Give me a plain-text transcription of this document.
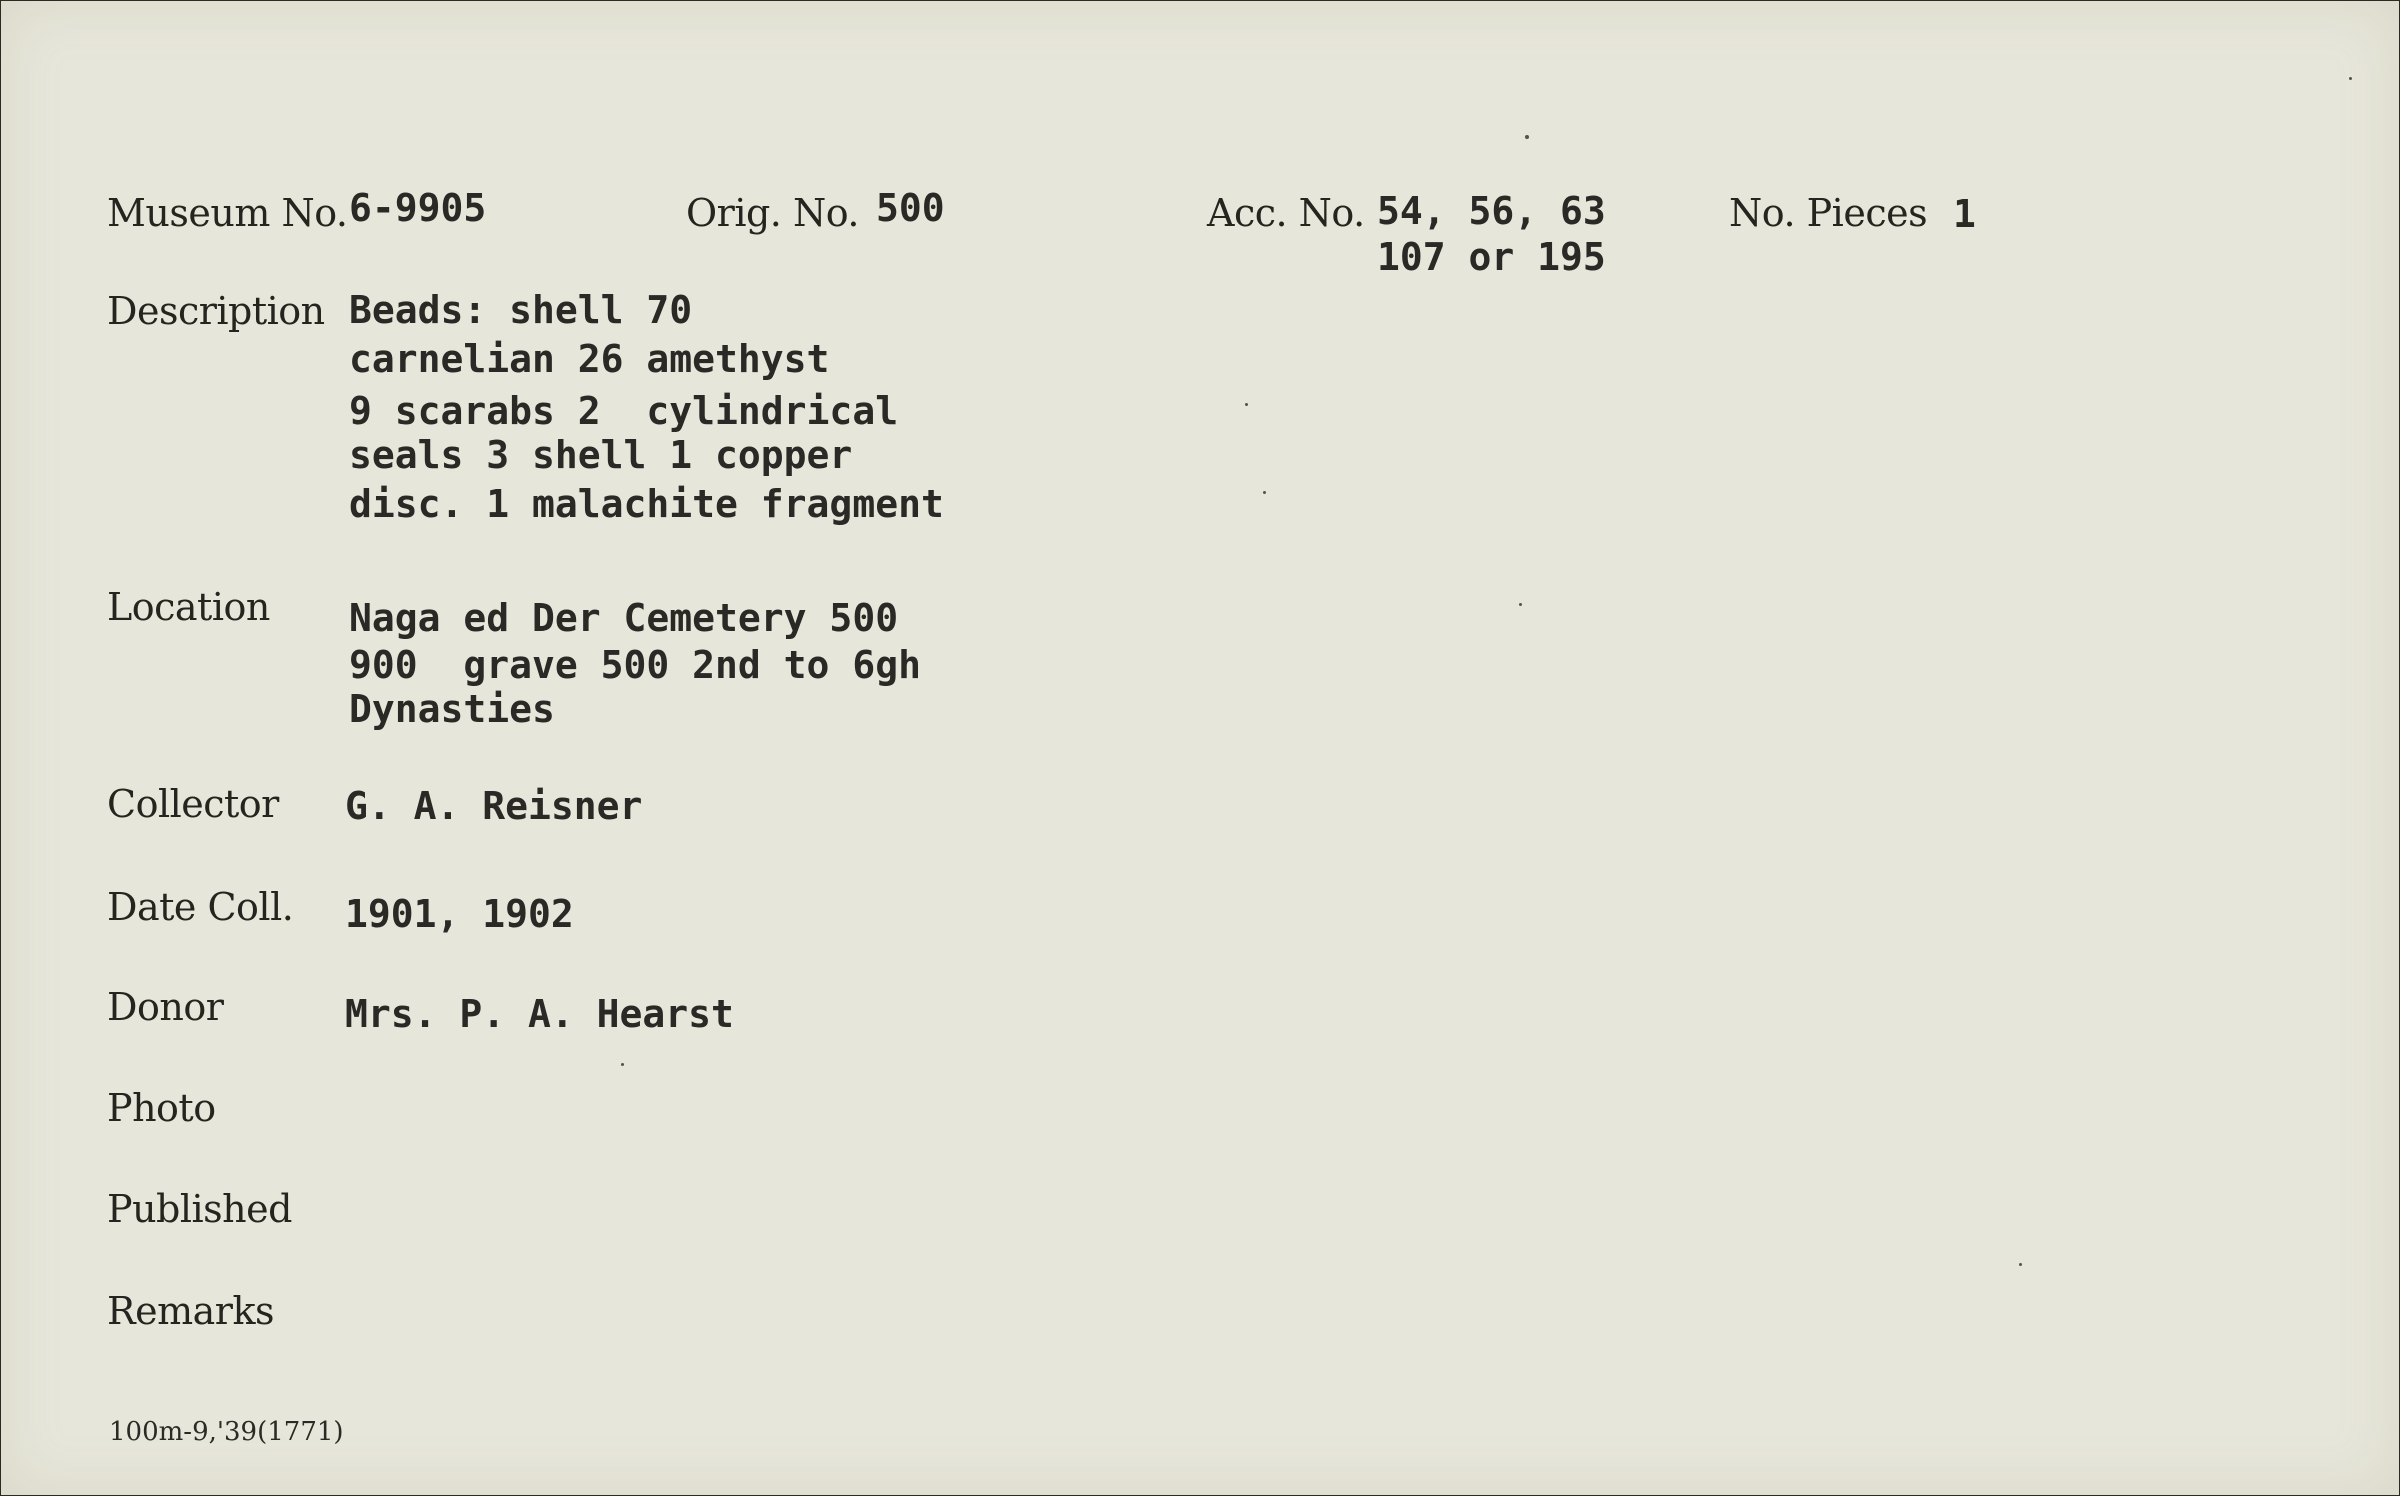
Museum No. 6-9905	Orig. No. 500	Acc. No. 54, 56, 63
107 or 195
No. Pieces 1
Description Beads: shell 70
carnelian 26 amethyst
9 scarabs 2  cylindrical
seals 3 shell 1 copper
disc. 1 malachite fragment
Location Naga ed Der Cemetery 500
900  grave 500 2nd to 6gh
Dynasties
Collector G. A. Reisner
Date Coll. 1901, 1902
Donor	Mrs. P. A. Hearst
Photo
Published
Remarks
100m-9,'39(1771)
